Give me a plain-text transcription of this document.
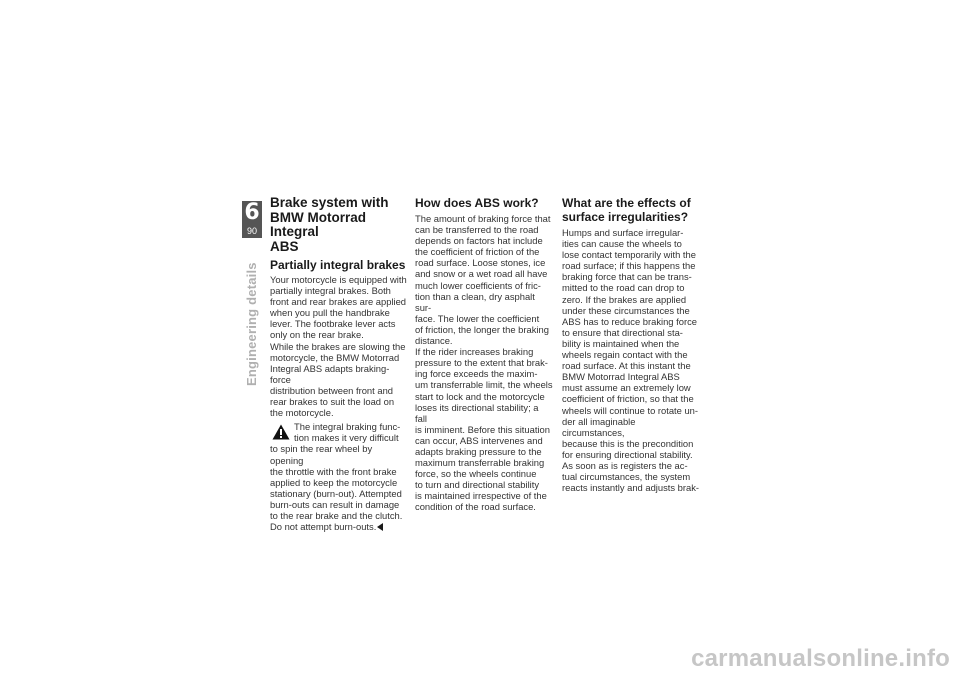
6
90
Engineering details
Brake system with
BMW Motorrad Integral
ABS
Partially integral brakes

Your motorcycle is equipped with
partially integral brakes. Both
front and rear brakes are applied
when you pull the handbrake
lever. The footbrake lever acts
only on the rear brake.

While the brakes are slowing the
motorcycle, the BMW Motorrad
Integral ABS adapts braking-force
distribution between front and
rear brakes to suit the load on
the motorcycle.

The integral braking func-
tion makes it very difficult

to spin the rear wheel by opening
the throttle with the front brake
applied to keep the motorcycle
stationary (burn-out). Attempted
burn-outs can result in damage
to the rear brake and the clutch.
Do not attempt burn-outs.

How does ABS work?

The amount of braking force that
can be transferred to the road
depends on factors hat include
the coefficient of friction of the
road surface. Loose stones, ice
and snow or a wet road all have
much lower coefficients of fric-
tion than a clean, dry asphalt sur-
face. The lower the coefficient
of friction, the longer the braking
distance.

If the rider increases braking
pressure to the extent that brak-
ing force exceeds the maxim-
um transferrable limit, the wheels
start to lock and the motorcycle
loses its directional stability; a fall
is imminent. Before this situation
can occur, ABS intervenes and
adapts braking pressure to the
maximum transferrable braking
force, so the wheels continue
to turn and directional stability
is maintained irrespective of the
condition of the road surface.

What are the effects of
surface irregularities?

Humps and surface irregular-
ities can cause the wheels to
lose contact temporarily with the
road surface; if this happens the
braking force that can be trans-
mitted to the road can drop to
zero. If the brakes are applied
under these circumstances the
ABS has to reduce braking force
to ensure that directional sta-
bility is maintained when the
wheels regain contact with the
road surface. At this instant the
BMW Motorrad Integral ABS
must assume an extremely low
coefficient of friction, so that the
wheels will continue to rotate un-
der all imaginable circumstances,
because this is the precondition
for ensuring directional stability.

As soon as is registers the ac-
tual circumstances, the system
reacts instantly and adjusts brak-

carmanualsonline.info
